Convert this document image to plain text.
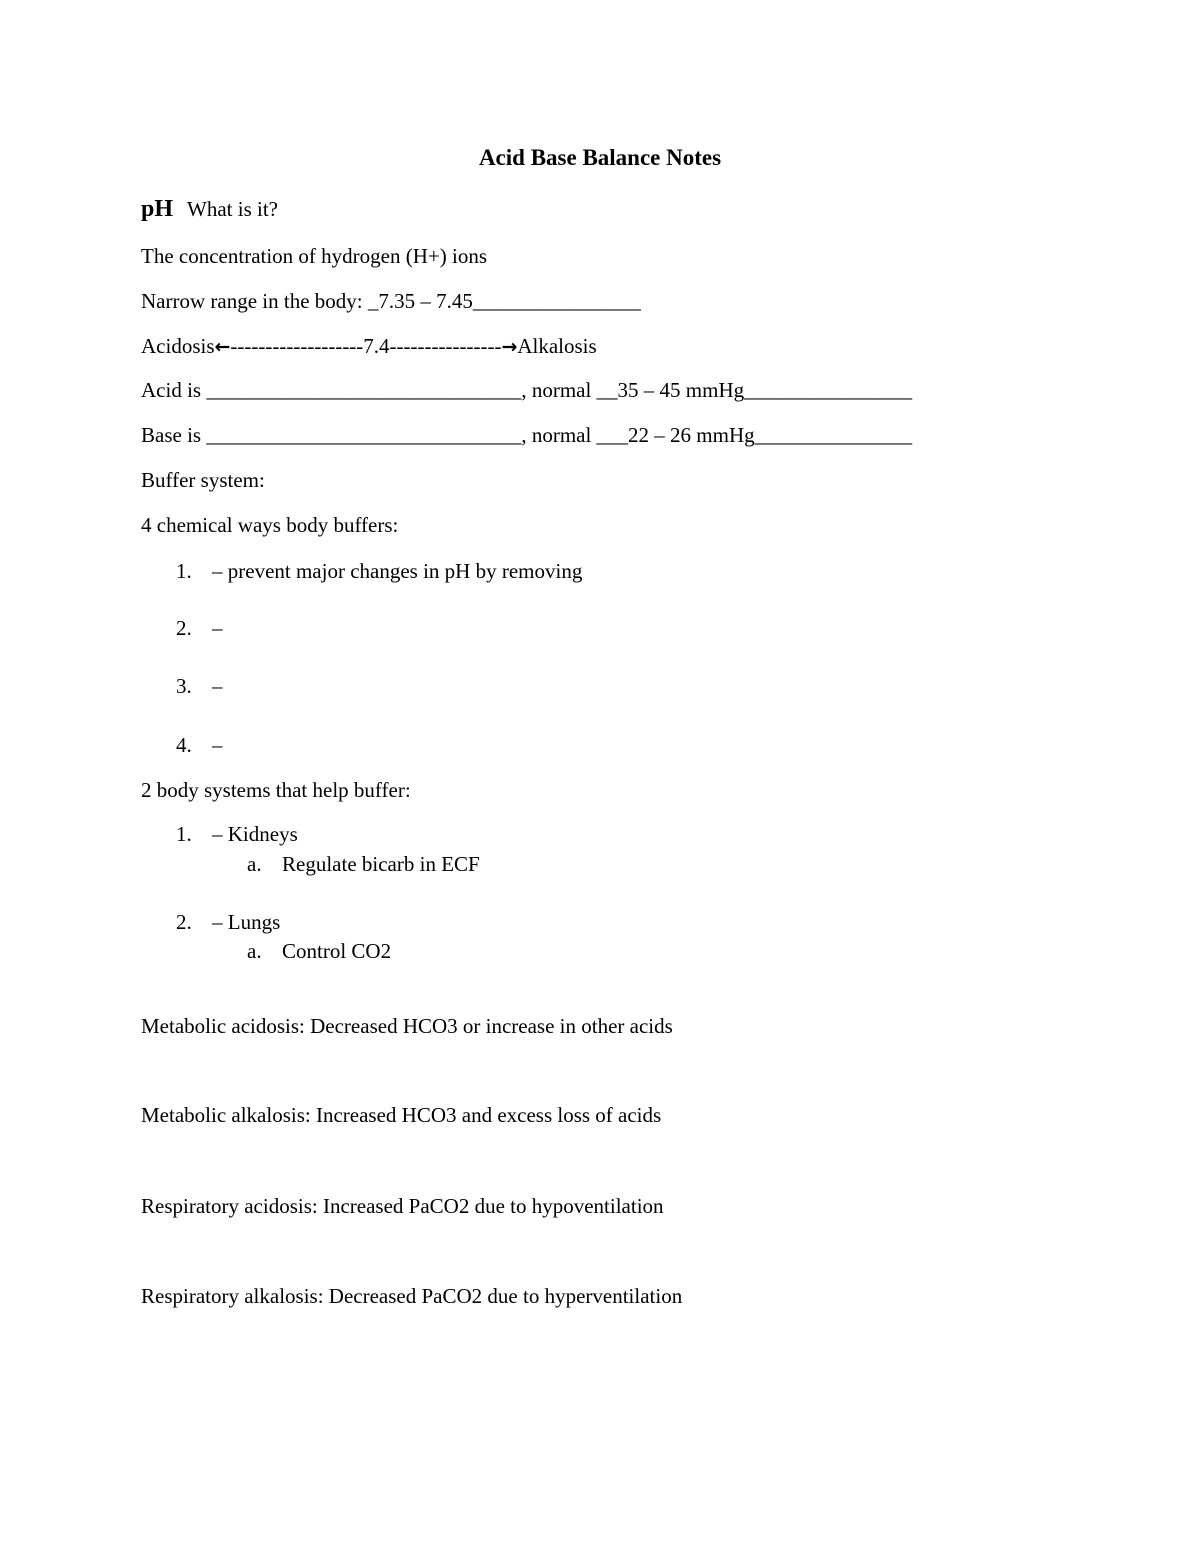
Acid Base Balance Notes
pH What is it?
The concentration of hydrogen (H+) ions
Narrow range in the body: _7.35 – 7.45________________
Acidosis←-------------------7.4----------------→Alkalosis
Acid is ______________________________, normal __35 – 45 mmHg________________
Base is ______________________________, normal ___22 – 26 mmHg_______________
Buffer system:
4 chemical ways body buffers:
1. – prevent major changes in pH by removing
2. –
3. –
4. –
2 body systems that help buffer:
1. – Kidneys
a. Regulate bicarb in ECF
2. – Lungs
a. Control CO2
Metabolic acidosis: Decreased HCO3 or increase in other acids
Metabolic alkalosis: Increased HCO3 and excess loss of acids
Respiratory acidosis: Increased PaCO2 due to hypoventilation
Respiratory alkalosis: Decreased PaCO2 due to hyperventilation
